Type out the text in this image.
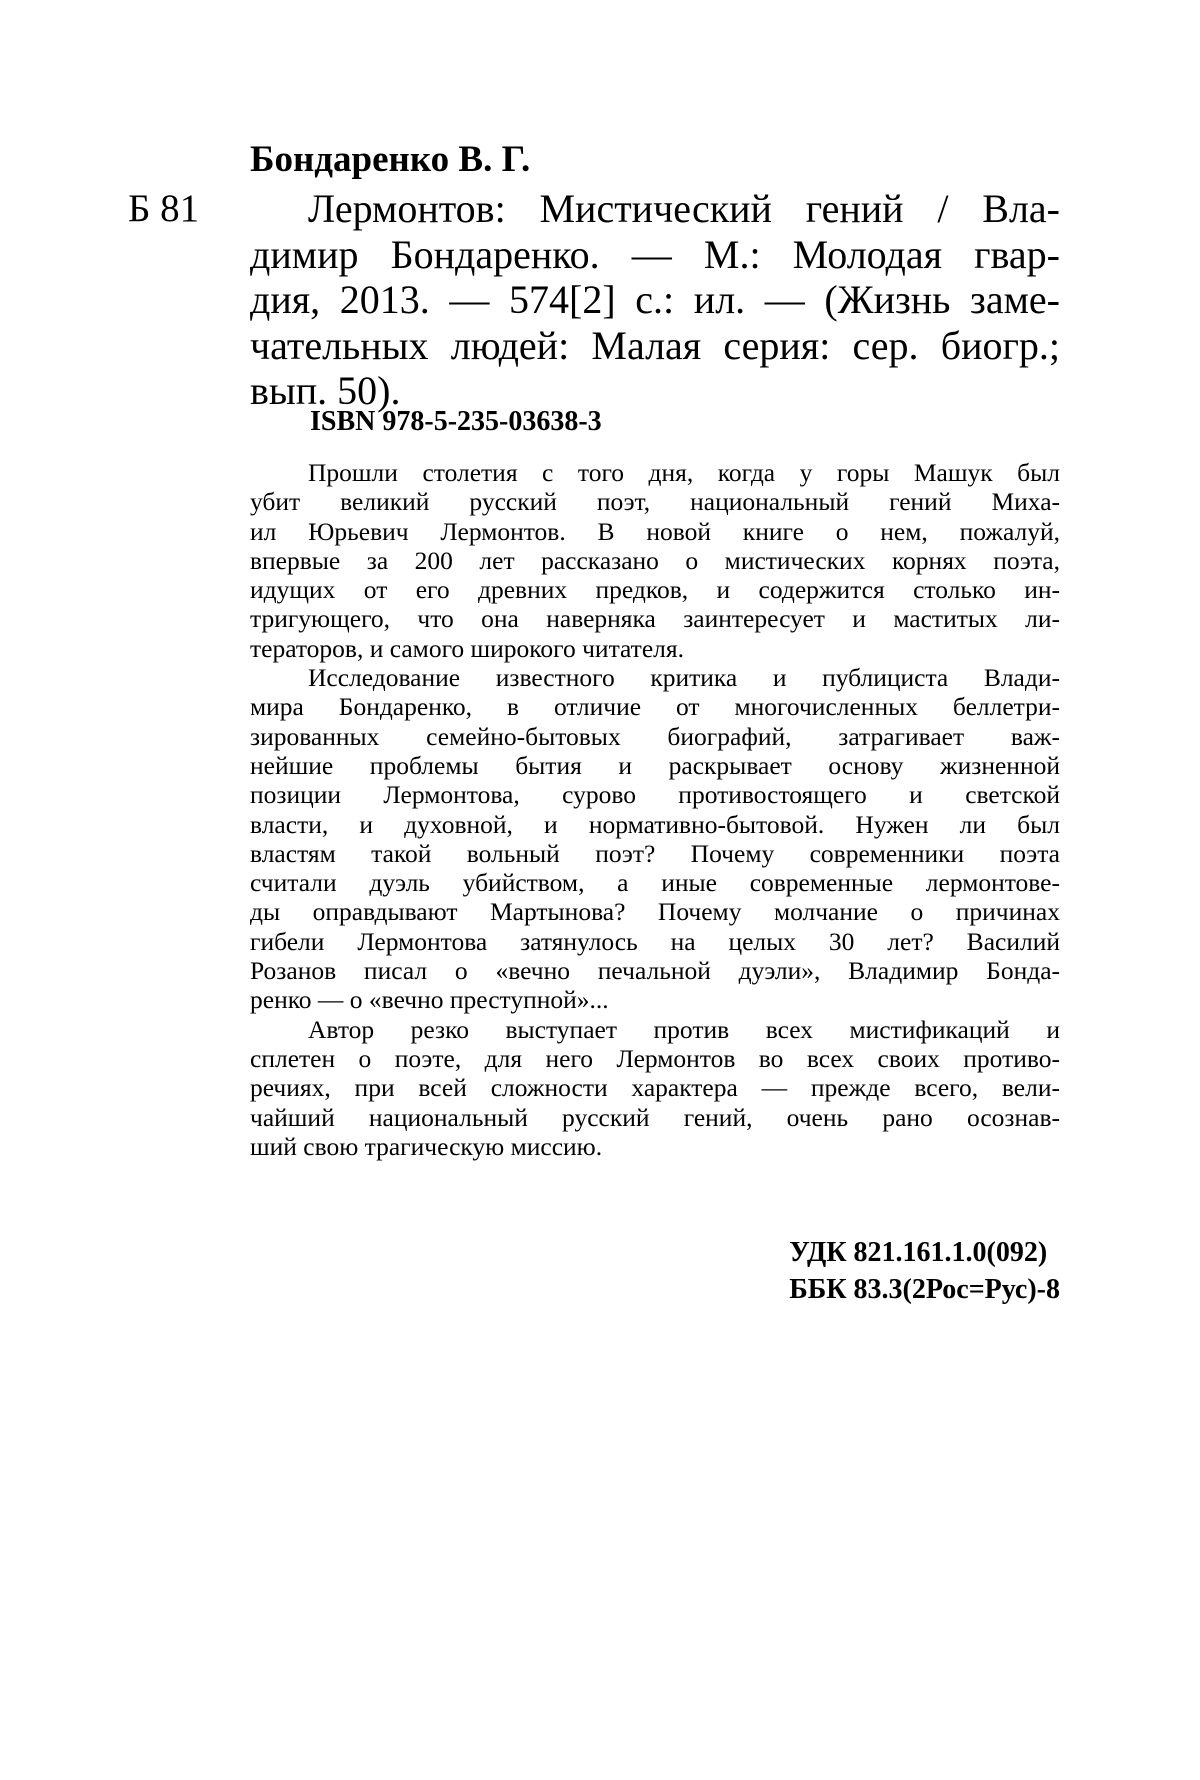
Бондаренко В. Г.
Б 81	Лермонтов: Мистический гений / Вла-
димир Бондаренко. — М.: Молодая гвар-
дия, 2013. — 574[2] с.: ил. — (Жизнь заме-
чательных людей: Малая серия: сер. биогр.;
вып. 50).
ISBN 978-5-235-03638-3
Прошли столетия с того дня, когда у горы Машук был
убит великий русский поэт, национальный гений Миха-
ил Юрьевич Лермонтов. В новой книге о нем, пожалуй,
впервые за 200 лет рассказано о мистических корнях поэта,
идущих от его древних предков, и содержится столько ин-
тригующего, что она наверняка заинтересует и маститых ли-
тераторов, и самого широкого читателя.
Исследование известного критика и публициста Влади-
мира Бондаренко, в отличие от многочисленных беллетри-
зированных семейно-бытовых биографий, затрагивает важ-
нейшие проблемы бытия и раскрывает основу жизненной
позиции Лермонтова, сурово противостоящего и светской
власти, и духовной, и нормативно-бытовой. Нужен ли был
властям такой вольный поэт? Почему современники поэта
считали дуэль убийством, а иные современные лермонтове-
ды оправдывают Мартынова? Почему молчание о причинах
гибели Лермонтова затянулось на целых 30 лет? Василий
Розанов писал о «вечно печальной дуэли», Владимир Бонда-
ренко — о «вечно преступной»...
Автор резко выступает против всех мистификаций и
сплетен о поэте, для него Лермонтов во всех своих противо-
речиях, при всей сложности характера — прежде всего, вели-
чайший национальный русский гений, очень рано осознав-
ший свою трагическую миссию.
УДК 821.161.1.0(092)
ББК 83.3(2Рос=Рус)-8
